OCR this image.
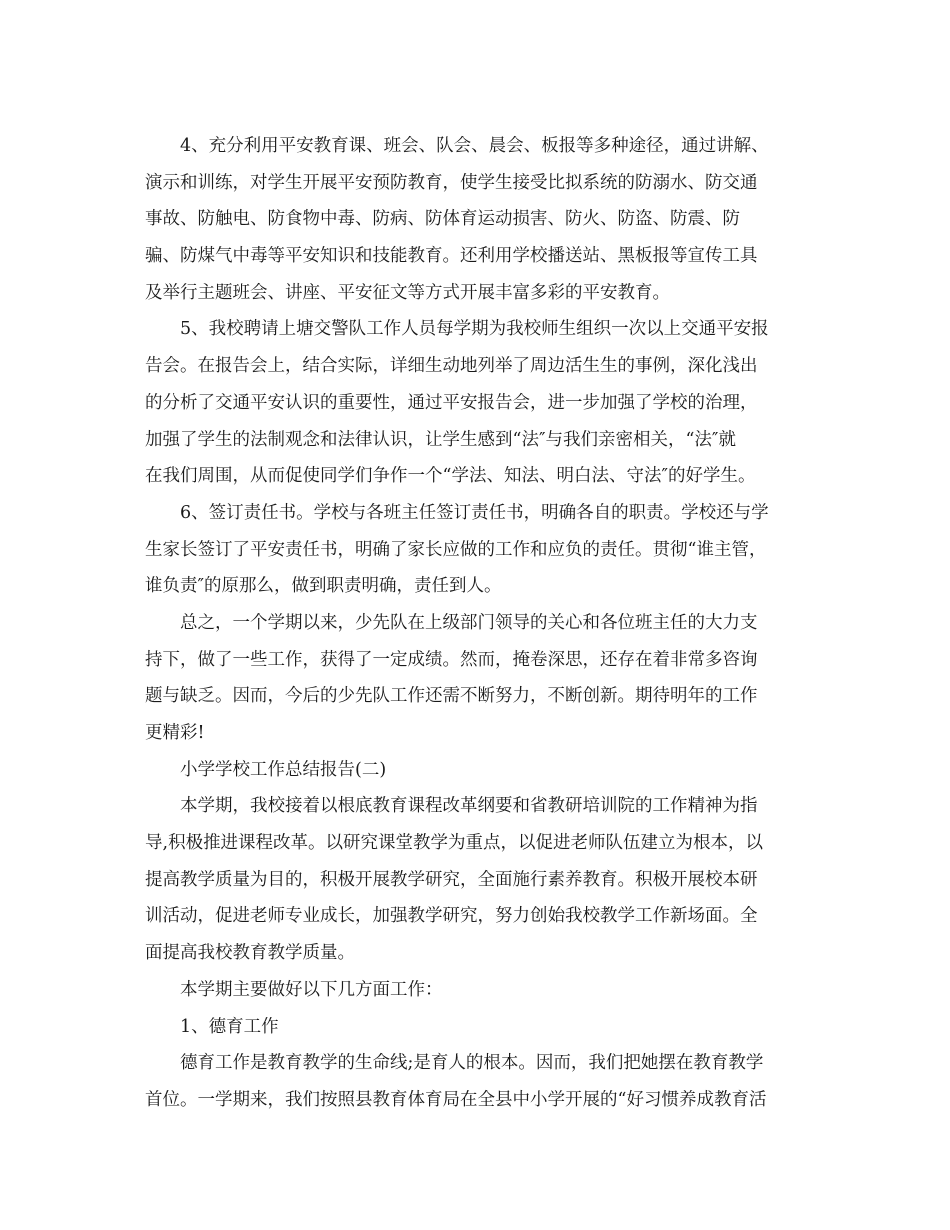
4、充分利用平安教育课、班会、队会、晨会、板报等多种途径，通过讲解、
演示和训练，对学生开展平安预防教育，使学生接受比拟系统的防溺水、防交通
事故、防触电、防食物中毒、防病、防体育运动损害、防火、防盗、防震、防
骗、防煤气中毒等平安知识和技能教育。还利用学校播送站、黑板报等宣传工具
及举行主题班会、讲座、平安征文等方式开展丰富多彩的平安教育。
5、我校聘请上塘交警队工作人员每学期为我校师生组织一次以上交通平安报
告会。在报告会上，结合实际，详细生动地列举了周边活生生的事例，深化浅出
的分析了交通平安认识的重要性，通过平安报告会，进一步加强了学校的治理，
加强了学生的法制观念和法律认识，让学生感到“法″与我们亲密相关，“法″就
在我们周围，从而促使同学们争作一个“学法、知法、明白法、守法″的好学生。
6、签订责任书。学校与各班主任签订责任书，明确各自的职责。学校还与学
生家长签订了平安责任书，明确了家长应做的工作和应负的责任。贯彻“谁主管，
谁负责″的原那么，做到职责明确，责任到人。
总之，一个学期以来，少先队在上级部门领导的关心和各位班主任的大力支
持下，做了一些工作，获得了一定成绩。然而，掩卷深思，还存在着非常多咨询
题与缺乏。因而，今后的少先队工作还需不断努力，不断创新。期待明年的工作
更精彩!
小学学校工作总结报告(二)
本学期，我校接着以根底教育课程改革纲要和省教研培训院的工作精神为指
导,积极推进课程改革。以研究课堂教学为重点，以促进老师队伍建立为根本，以
提高教学质量为目的，积极开展教学研究，全面施行素养教育。积极开展校本研
训活动，促进老师专业成长，加强教学研究，努力创始我校教学工作新场面。全
面提高我校教育教学质量。
本学期主要做好以下几方面工作：
1、德育工作
德育工作是教育教学的生命线;是育人的根本。因而，我们把她摆在教育教学
首位。一学期来，我们按照县教育体育局在全县中小学开展的“好习惯养成教育活
